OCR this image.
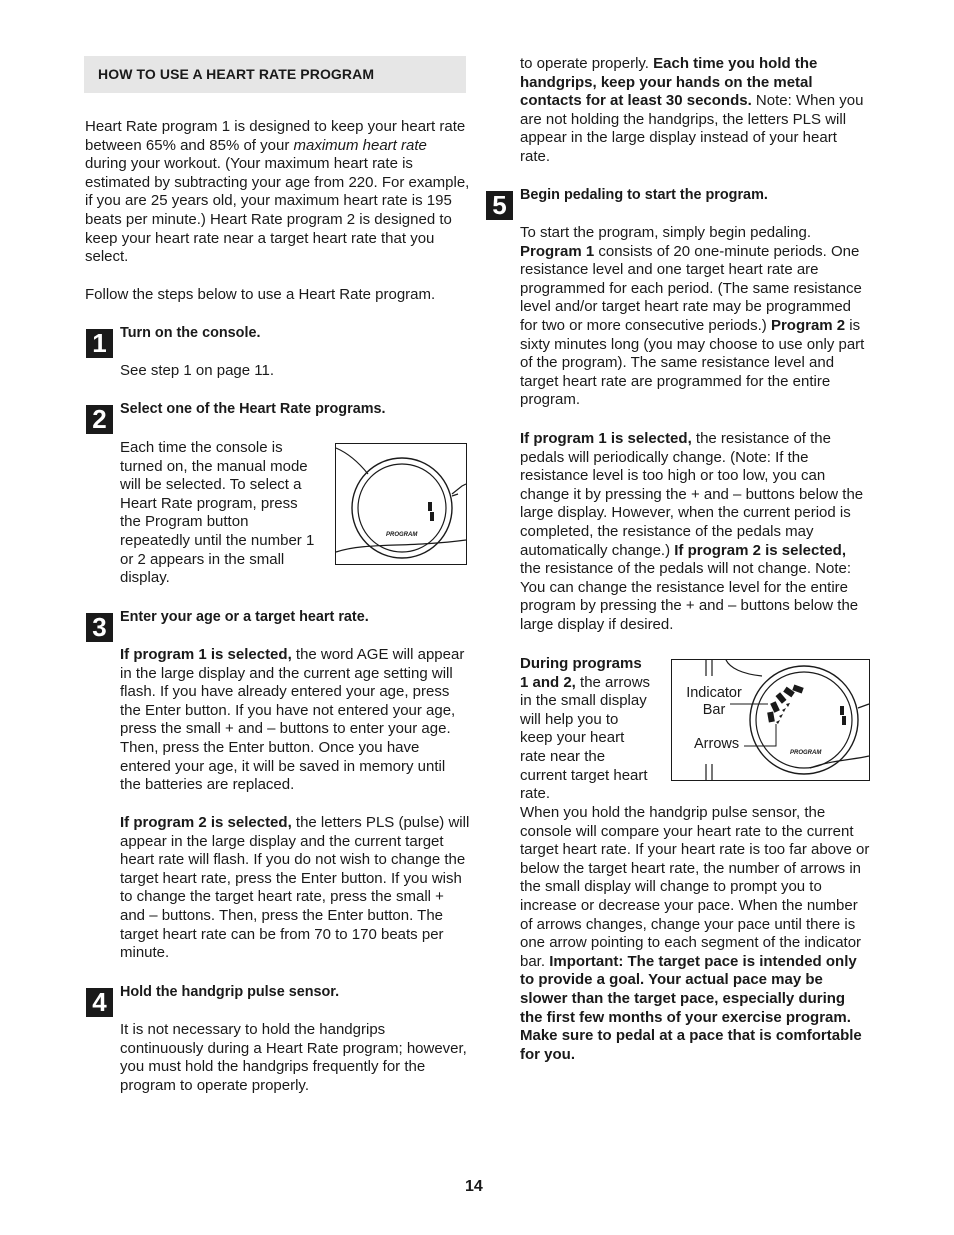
HOW TO USE A HEART RATE PROGRAM

Heart Rate program 1 is designed to keep your heart rate between 65% and 85% of your maximum heart rate during your workout. (Your maximum heart rate is estimated by subtracting your age from 220. For example, if you are 25 years old, your maximum heart rate is 195 beats per minute.) Heart Rate program 2 is designed to keep your heart rate near a target heart rate that you select.

Follow the steps below to use a Heart Rate program.

1 Turn on the console.

See step 1 on page 11.

2 Select one of the Heart Rate programs.

Each time the console is turned on, the manual mode will be selected. To select a Heart Rate program, press the Program button repeatedly until the number 1 or 2 appears in the small display.

PROGRAM
3 Enter your age or a target heart rate.

If program 1 is selected, the word AGE will appear in the large display and the current age setting will flash. If you have already entered your age, press the Enter button. If you have not entered your age, press the small + and – buttons to enter your age. Then, press the Enter button. Once you have entered your age, it will be saved in memory until the batteries are replaced.

If program 2 is selected, the letters PLS (pulse) will appear in the large display and the current target heart rate will flash. If you do not wish to change the target heart rate, press the Enter button. If you wish to change the target heart rate, press the small + and – buttons. Then, press the Enter button. The target heart rate can be from 70 to 170 beats per minute.

4 Hold the handgrip pulse sensor.

It is not necessary to hold the handgrips continuously during a Heart Rate program; however, you must hold the handgrips frequently for the program to operate properly.

to operate properly. Each time you hold the handgrips, keep your hands on the metal contacts for at least 30 seconds. Note: When you are not holding the handgrips, the letters PLS will appear in the large display instead of your heart rate.

5 Begin pedaling to start the program.

To start the program, simply begin pedaling. Program 1 consists of 20 one-minute periods. One resistance level and one target heart rate are programmed for each period. (The same resistance level and/or target heart rate may be programmed for two or more consecutive periods.) Program 2 is sixty minutes long (you may choose to use only part of the program). The same resistance level and target heart rate are programmed for the entire program.

If program 1 is selected, the resistance of the pedals will periodically change. (Note: If the resistance level is too high or too low, you can change it by pressing the + and – buttons below the large display. However, when the current period is completed, the resistance of the pedals may automatically change.) If program 2 is selected, the resistance of the pedals will not change. Note: You can change the resistance level for the entire program by pressing the + and – buttons below the large display if desired.

During programs 1 and 2, the arrows in the small display will help you to keep your heart rate near the current target heart rate.

PROGRAM
Indicator
Bar
Arrows

When you hold the handgrip pulse sensor, the console will compare your heart rate to the current target heart rate. If your heart rate is too far above or below the target heart rate, the number of arrows in the small display will change to prompt you to increase or decrease your pace. When the number of arrows changes, change your pace until there is one arrow pointing to each segment of the indicator bar. Important: The target pace is intended only to provide a goal. Your actual pace may be slower than the target pace, especially during the first few months of your exercise program. Make sure to pedal at a pace that is comfortable for you.

14
